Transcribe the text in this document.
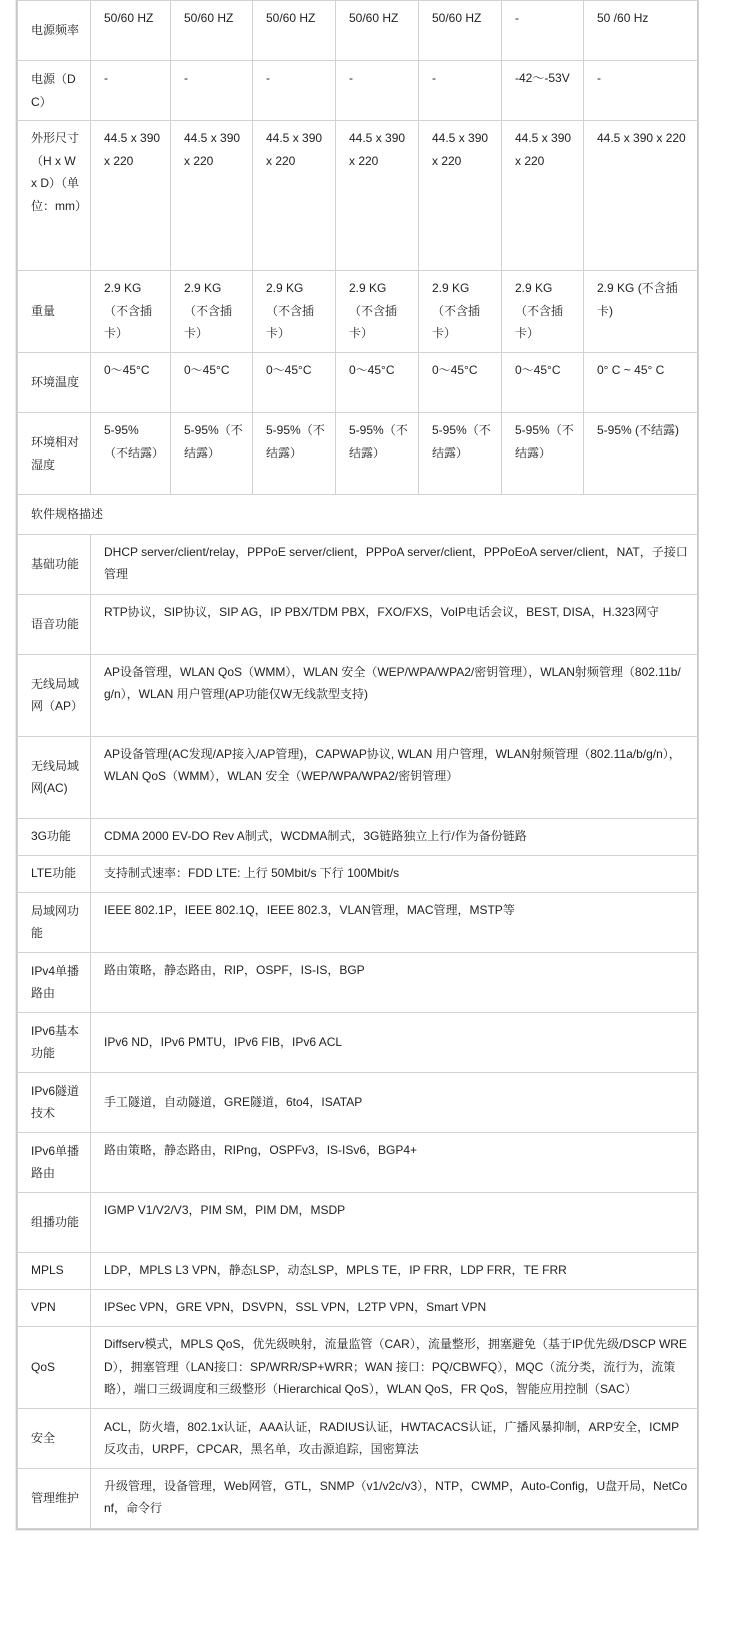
电源频率	50/60 HZ	50/60 HZ	50/60 HZ	50/60 HZ	50/60 HZ	-	50 /60 Hz
电源（DC）	-	-	-	-	-	-42～-53V	-
外形尺寸（H x W x D）（单位：mm）	44.5 x 390 x 220	44.5 x 390 x 220	44.5 x 390 x 220	44.5 x 390 x 220	44.5 x 390 x 220	44.5 x 390 x 220	44.5 x 390 x 220
重量	2.9 KG（不含插卡）	2.9 KG（不含插卡）	2.9 KG（不含插卡）	2.9 KG（不含插卡）	2.9 KG（不含插卡）	2.9 KG（不含插卡）	2.9 KG (不含插卡)
环境温度	0～45°C	0～45°C	0～45°C	0～45°C	0～45°C	0～45°C	0° C ~ 45° C
环境相对湿度	5-95%（不结露）	5-95%（不结露）	5-95%（不结露）	5-95%（不结露）	5-95%（不结露）	5-95%（不结露）	5-95% (不结露)
软件规格描述							
基础功能	DHCP server/client/relay，PPPoE server/client，PPPoA server/client，PPPoEoA server/client，NAT，子接口管理						
语音功能	RTP协议，SIP协议，SIP AG，IP PBX/TDM PBX，FXO/FXS，VoIP电话会议，BEST, DISA，H.323网守						
无线局域网（AP）	AP设备管理，WLAN QoS（WMM），WLAN 安全（WEP/WPA/WPA2/密钥管理），WLAN射频管理（802.11b/g/n），WLAN 用户管理(AP功能仅W无线款型支持)						
无线局域网(AC)	AP设备管理(AC发现/AP接入/AP管理)，CAPWAP协议, WLAN 用户管理，WLAN射频管理（802.11a/b/g/n），WLAN QoS（WMM），WLAN 安全（WEP/WPA/WPA2/密钥管理）						
3G功能	CDMA 2000 EV-DO Rev A制式，WCDMA制式，3G链路独立上行/作为备份链路						
LTE功能	支持制式速率：FDD LTE: 上行 50Mbit/s 下行 100Mbit/s						
局域网功能	IEEE 802.1P，IEEE 802.1Q，IEEE 802.3，VLAN管理，MAC管理，MSTP等						
IPv4单播路由	路由策略，静态路由，RIP，OSPF，IS-IS，BGP						
IPv6基本功能	IPv6 ND，IPv6 PMTU，IPv6 FIB，IPv6 ACL						
IPv6隧道技术	手工隧道，自动隧道，GRE隧道，6to4，ISATAP						
IPv6单播路由	路由策略，静态路由，RIPng，OSPFv3，IS-ISv6，BGP4+						
组播功能	IGMP V1/V2/V3，PIM SM，PIM DM，MSDP						
MPLS	LDP，MPLS L3 VPN，静态LSP，动态LSP，MPLS TE，IP FRR，LDP FRR，TE FRR						
VPN	IPSec VPN，GRE VPN，DSVPN，SSL VPN，L2TP VPN，Smart VPN						
QoS	Diffserv模式，MPLS QoS，优先级映射，流量监管（CAR），流量整形，拥塞避免（基于IP优先级/DSCP WRED），拥塞管理（LAN接口：SP/WRR/SP+WRR；WAN 接口：PQ/CBWFQ），MQC（流分类，流行为，流策略），端口三级调度和三级整形（Hierarchical QoS），WLAN QoS，FR QoS，智能应用控制（SAC）						
安全	ACL，防火墙，802.1x认证，AAA认证，RADIUS认证，HWTACACS认证，广播风暴抑制，ARP安全，ICMP反攻击，URPF，CPCAR，黑名单，攻击源追踪，国密算法						
管理维护	升级管理，设备管理，Web网管，GTL，SNMP（v1/v2c/v3），NTP，CWMP，Auto-Config，U盘开局，NetConf，命令行						
